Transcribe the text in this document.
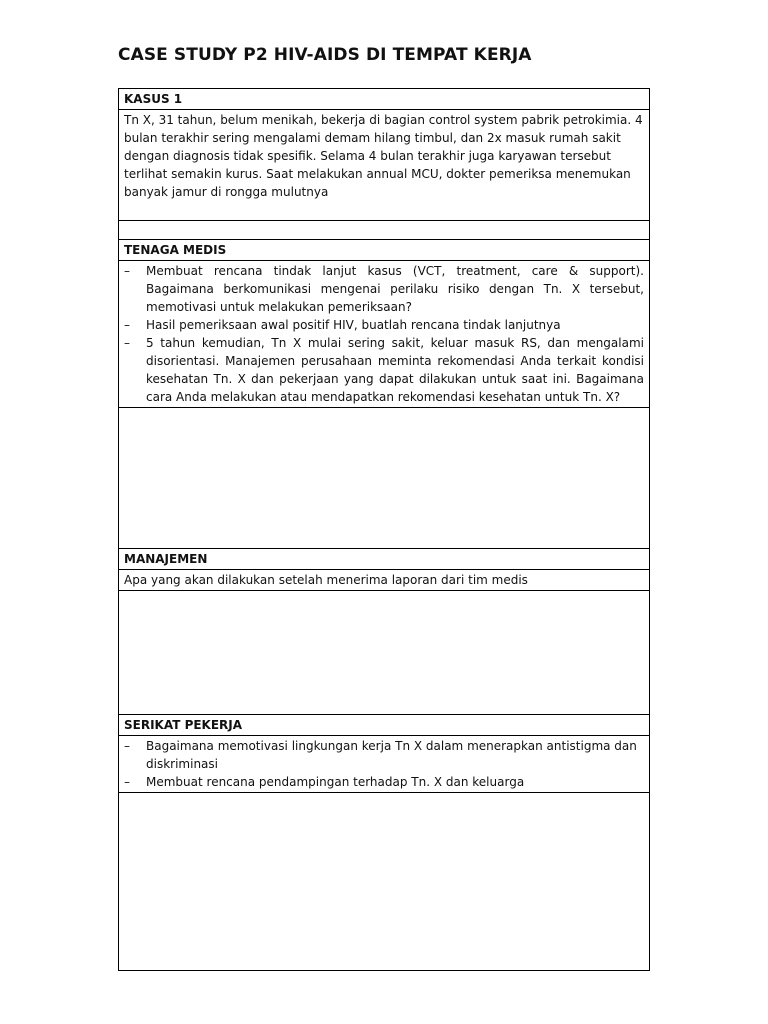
CASE STUDY P2 HIV-AIDS DI TEMPAT KERJA
KASUS 1
Tn X, 31 tahun, belum menikah, bekerja di bagian control system pabrik petrokimia. 4 bulan terakhir sering mengalami demam hilang timbul, dan 2x masuk rumah sakit dengan diagnosis tidak spesifik. Selama 4 bulan terakhir juga karyawan tersebut terlihat semakin kurus. Saat melakukan annual MCU, dokter pemeriksa menemukan banyak jamur di rongga mulutnya

TENAGA MEDIS

– Membuat rencana tindak lanjut kasus (VCT, treatment, care & support). Bagaimana berkomunikasi mengenai perilaku risiko dengan Tn. X tersebut, memotivasi untuk melakukan pemeriksaan?
– Hasil pemeriksaan awal positif HIV, buatlah rencana tindak lanjutnya
– 5 tahun kemudian, Tn X mulai sering sakit, keluar masuk RS, dan mengalami disorientasi. Manajemen perusahaan meminta rekomendasi Anda terkait kondisi kesehatan Tn. X dan pekerjaan yang dapat dilakukan untuk saat ini. Bagaimana cara Anda melakukan atau mendapatkan rekomendasi kesehatan untuk Tn. X?

MANAJEMEN
Apa yang akan dilakukan setelah menerima laporan dari tim medis

SERIKAT PEKERJA

– Bagaimana memotivasi lingkungan kerja Tn X dalam menerapkan antistigma dan diskriminasi
– Membuat rencana pendampingan terhadap Tn. X dan keluarga
